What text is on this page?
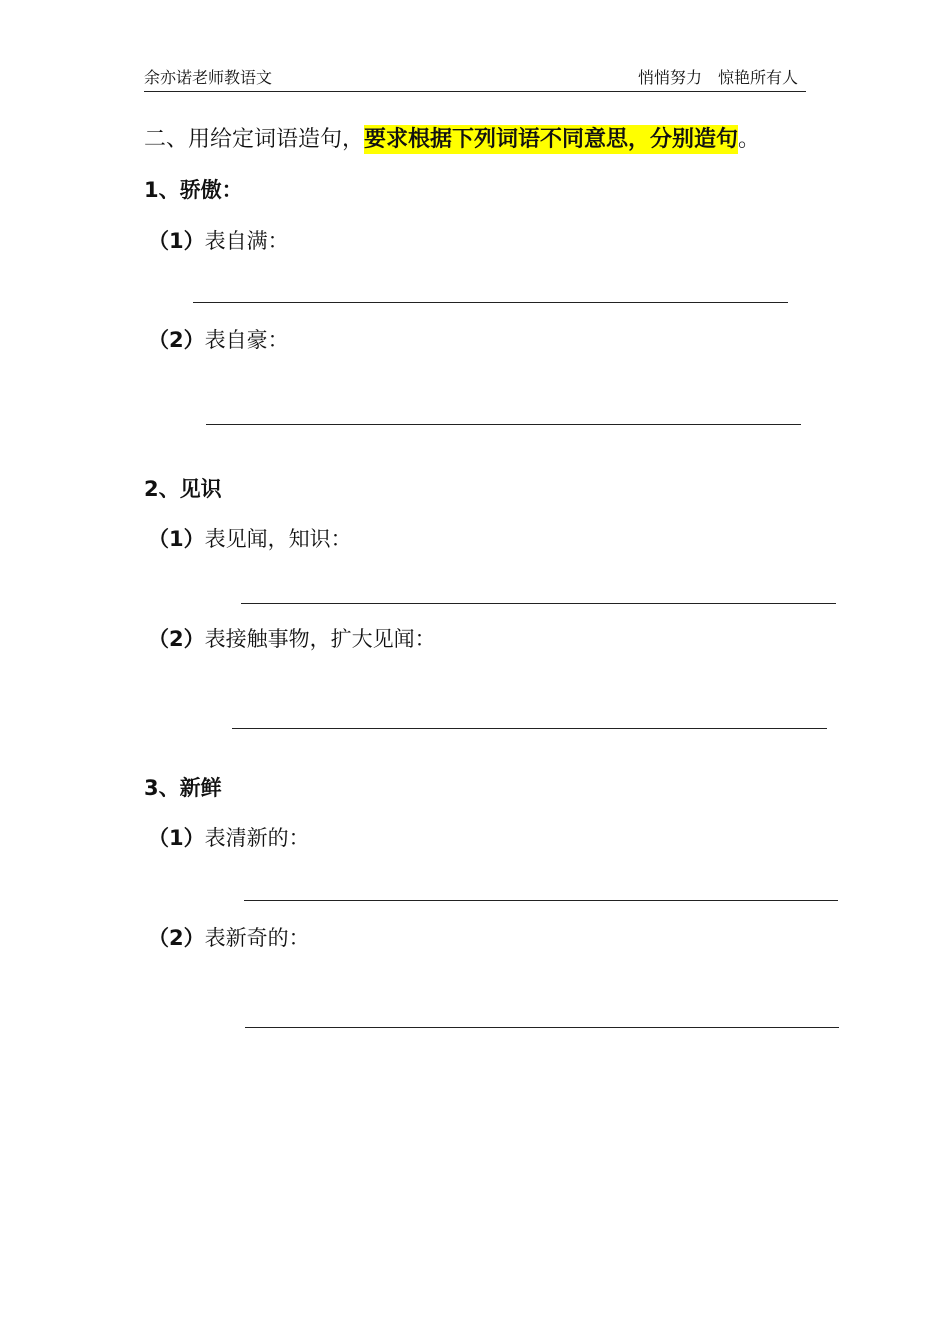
余亦诺老师教语文	悄悄努力 惊艳所有人
二、用给定词语造句，要求根据下列词语不同意思，分别造句。
1、骄傲：
（1）表自满：
（2）表自豪：
2、见识
（1）表见闻，知识：
（2）表接触事物，扩大见闻：
3、新鲜
（1）表清新的：
（2）表新奇的：
